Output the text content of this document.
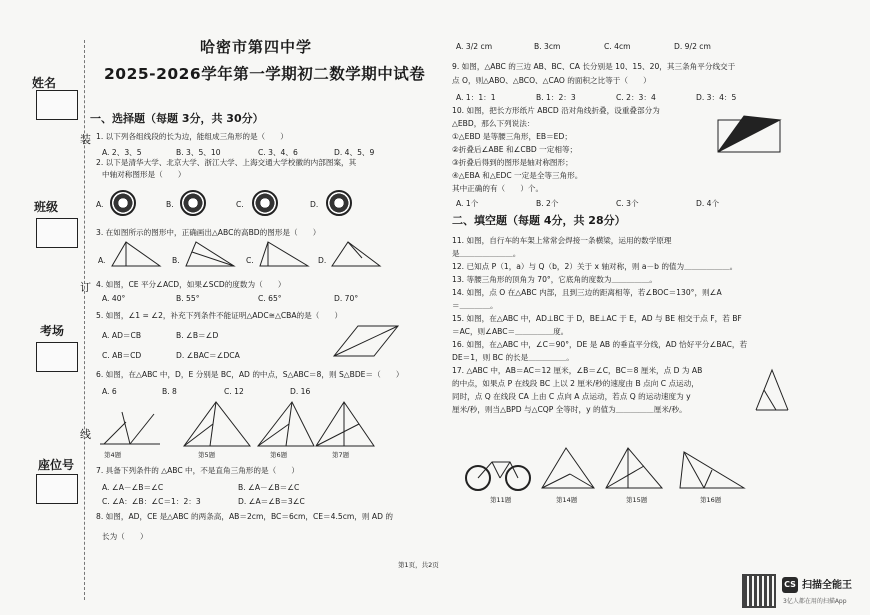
姓名
班级
考场
座位号
装
订
线
哈密市第四中学
2025-2026学年第一学期初二数学期中试卷
一、选择题（每题 3分，共 30分）
1. 以下列各组线段的长为边，能组成三角形的是（　　）
A. 2、3、5	B. 3、5、10	C. 3、4、6	D. 4、5、9
2. 以下是清华大学、北京大学、浙江大学、上海交通大学校徽的内部图案，其
中轴对称图形是（　　）
A.	B.	C.	D.
3. 在如图所示的图形中，正确画出△ABC的高BD的图形是（　　）
A.	B.	C.	D.
4. 如图，CE 平分∠ACD，如果∠SCD的度数为（　　）
A. 40°	B. 55°	C. 65°	D. 70°
5. 如图，∠1 = ∠2，补充下列条件不能证明△ADC≅△CBA的是（　　）
A. AD＝CB	B. ∠B＝∠D
C. AB＝CD	D. ∠BAC＝∠DCA
6. 如图，在△ABC 中，D，E 分别是 BC，AD 的中点，S△ABC＝8，则 S△BDE＝（　　）
A. 6	B. 8	C. 12	D. 16
第4题	第5题	第6题	第7题
7. 具备下列条件的 △ABC 中，不是直角三角形的是（　　）
A. ∠A－∠B＝∠C	B. ∠A－∠B＝∠C
C. ∠A：∠B：∠C＝1：2：3	D. ∠A＝∠B＝3∠C
8. 如图，AD，CE 是△ABC 的两条高，AB＝2cm，BC＝6cm，CE＝4.5cm，则 AD 的
长为（　　）
A. 3/2 cm	B. 3cm	C. 4cm	D. 9/2 cm
9. 如图，△ABC 的三边 AB、BC、CA 长分别是 10、15、20，其三条角平分线交于
点 O，则△ABO、△BCO、△CAO 的面积之比等于（　　）
A. 1：1：1	B. 1：2：3	C. 2：3：4	D. 3：4：5
10. 如图，把长方形纸片 ABCD 沿对角线折叠，设重叠部分为
△EBD，那么下列说法：
①△EBD 是等腰三角形，EB＝ED；
②折叠后∠ABE 和∠CBD 一定相等；
③折叠后得到的图形是轴对称图形；
④△EBA 和△EDC 一定是全等三角形。
其中正确的有（　　）个。
A. 1个	B. 2个	C. 3个	D. 4个
二、填空题（每题 4分，共 28分）
11. 如图，自行车的车架上常常会焊接一条横梁，运用的数学原理
是＿＿＿＿＿＿＿。
12. 已知点 P（1，a）与 Q（b，2）关于 x 轴对称，则 a－b 的值为＿＿＿＿＿＿。
13. 等腰三角形的顶角为 70°，它底角的度数为＿＿＿＿＿。
14. 如图，点 O 在△ABC 内部，且到三边的距离相等，若∠BOC＝130°，则∠A
＝＿＿＿＿。
15. 如图，在△ABC 中，AD⊥BC 于 D，BE⊥AC 于 E，AD 与 BE 相交于点 F，若 BF
＝AC，则∠ABC＝＿＿＿＿＿度。
16. 如图，在△ABC 中，∠C＝90°，DE 是 AB 的垂直平分线，AD 恰好平分∠BAC，若
DE＝1，则 BC 的长是＿＿＿＿＿。
17. △ABC 中，AB＝AC＝12 厘米，∠B＝∠C，BC＝8 厘米，点 D 为 AB
的中点，如果点 P 在线段 BC 上以 2 厘米/秒的速度由 B 点向 C 点运动，
同时，点 Q 在线段 CA 上由 C 点向 A 点运动，若点 Q 的运动速度为 y
厘米/秒，则当△BPD 与△CQP 全等时，y 的值为＿＿＿＿＿厘米/秒。
第11题	第14题	第15题	第16题
第1页，共2页
CS 扫描全能王
3亿人都在用的扫描App
